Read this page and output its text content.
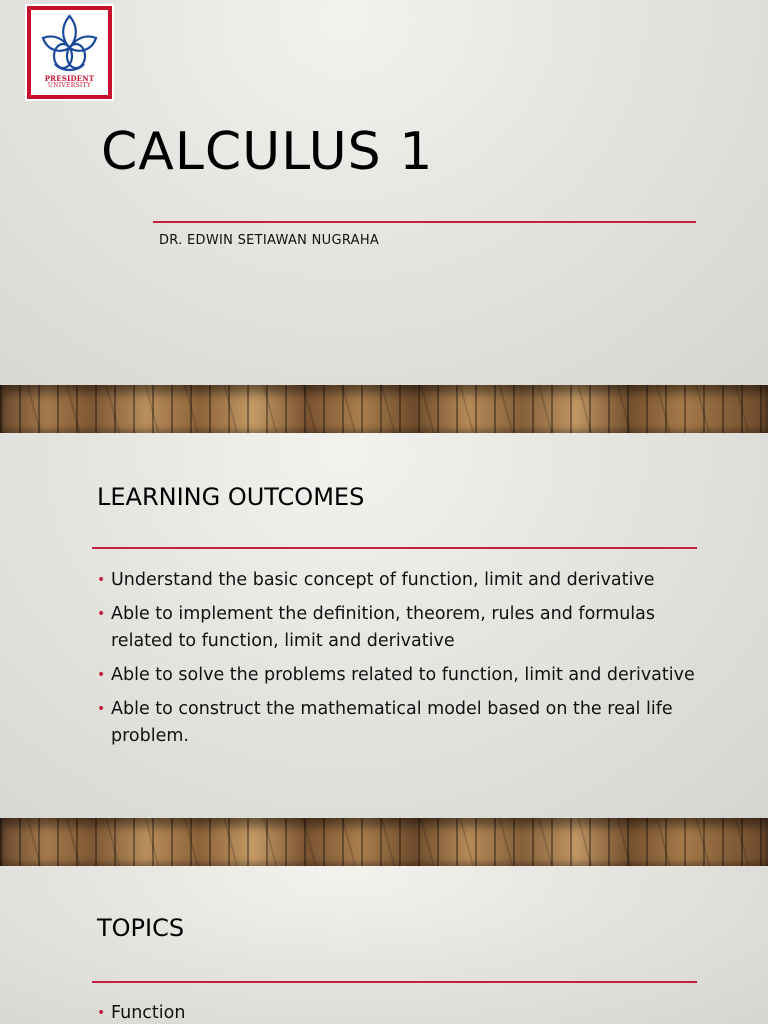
PRESIDENT
UNIVERSITY
CALCULUS 1
DR. EDWIN SETIAWAN NUGRAHA
LEARNING OUTCOMES
• Understand the basic concept of function, limit and derivative
• Able to implement the definition, theorem, rules and formulas related to function, limit and derivative
• Able to solve the problems related to function, limit and derivative
• Able to construct the mathematical model based on the real life problem.
TOPICS
• Function
